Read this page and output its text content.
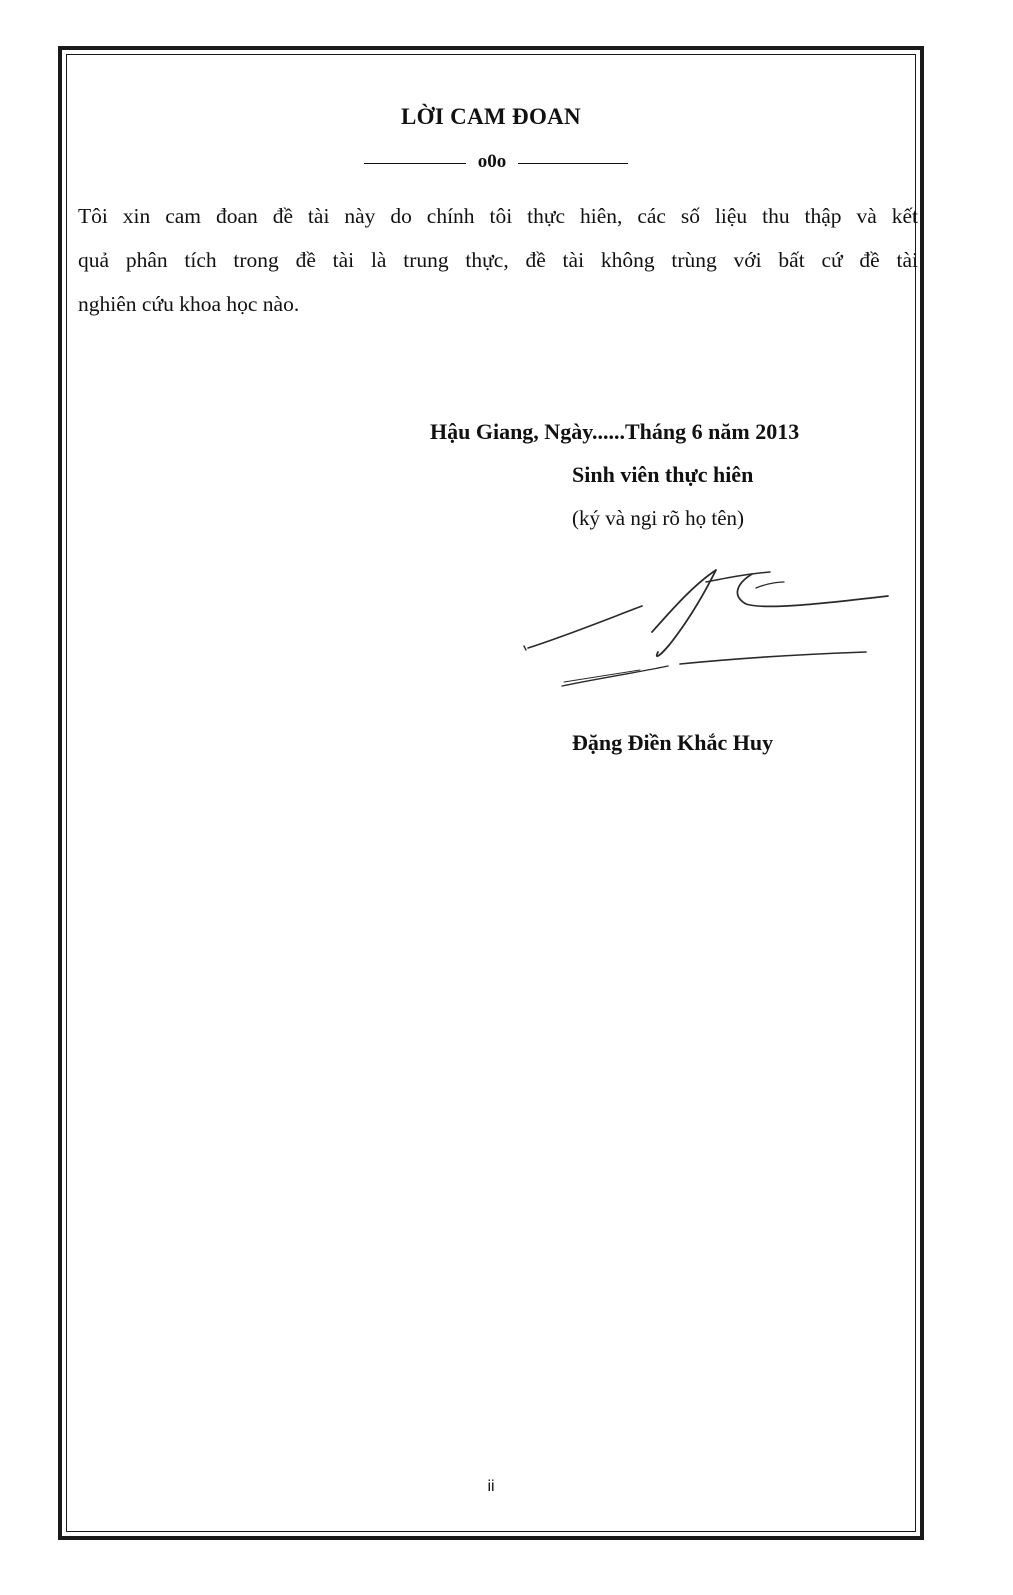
LỜI CAM ĐOAN
o0o
Tôi xin cam đoan đề tài này do chính tôi thực hiên, các số liệu thu thập và kết
quả phân tích trong đề tài là trung thực, đề tài không trùng với bất cứ đề tài
nghiên cứu khoa học nào.
Hậu Giang, Ngày......Tháng 6 năm 2013
Sinh viên thực hiên
(ký và ngi rõ họ tên)
Đặng Điền Khắc Huy
ii
